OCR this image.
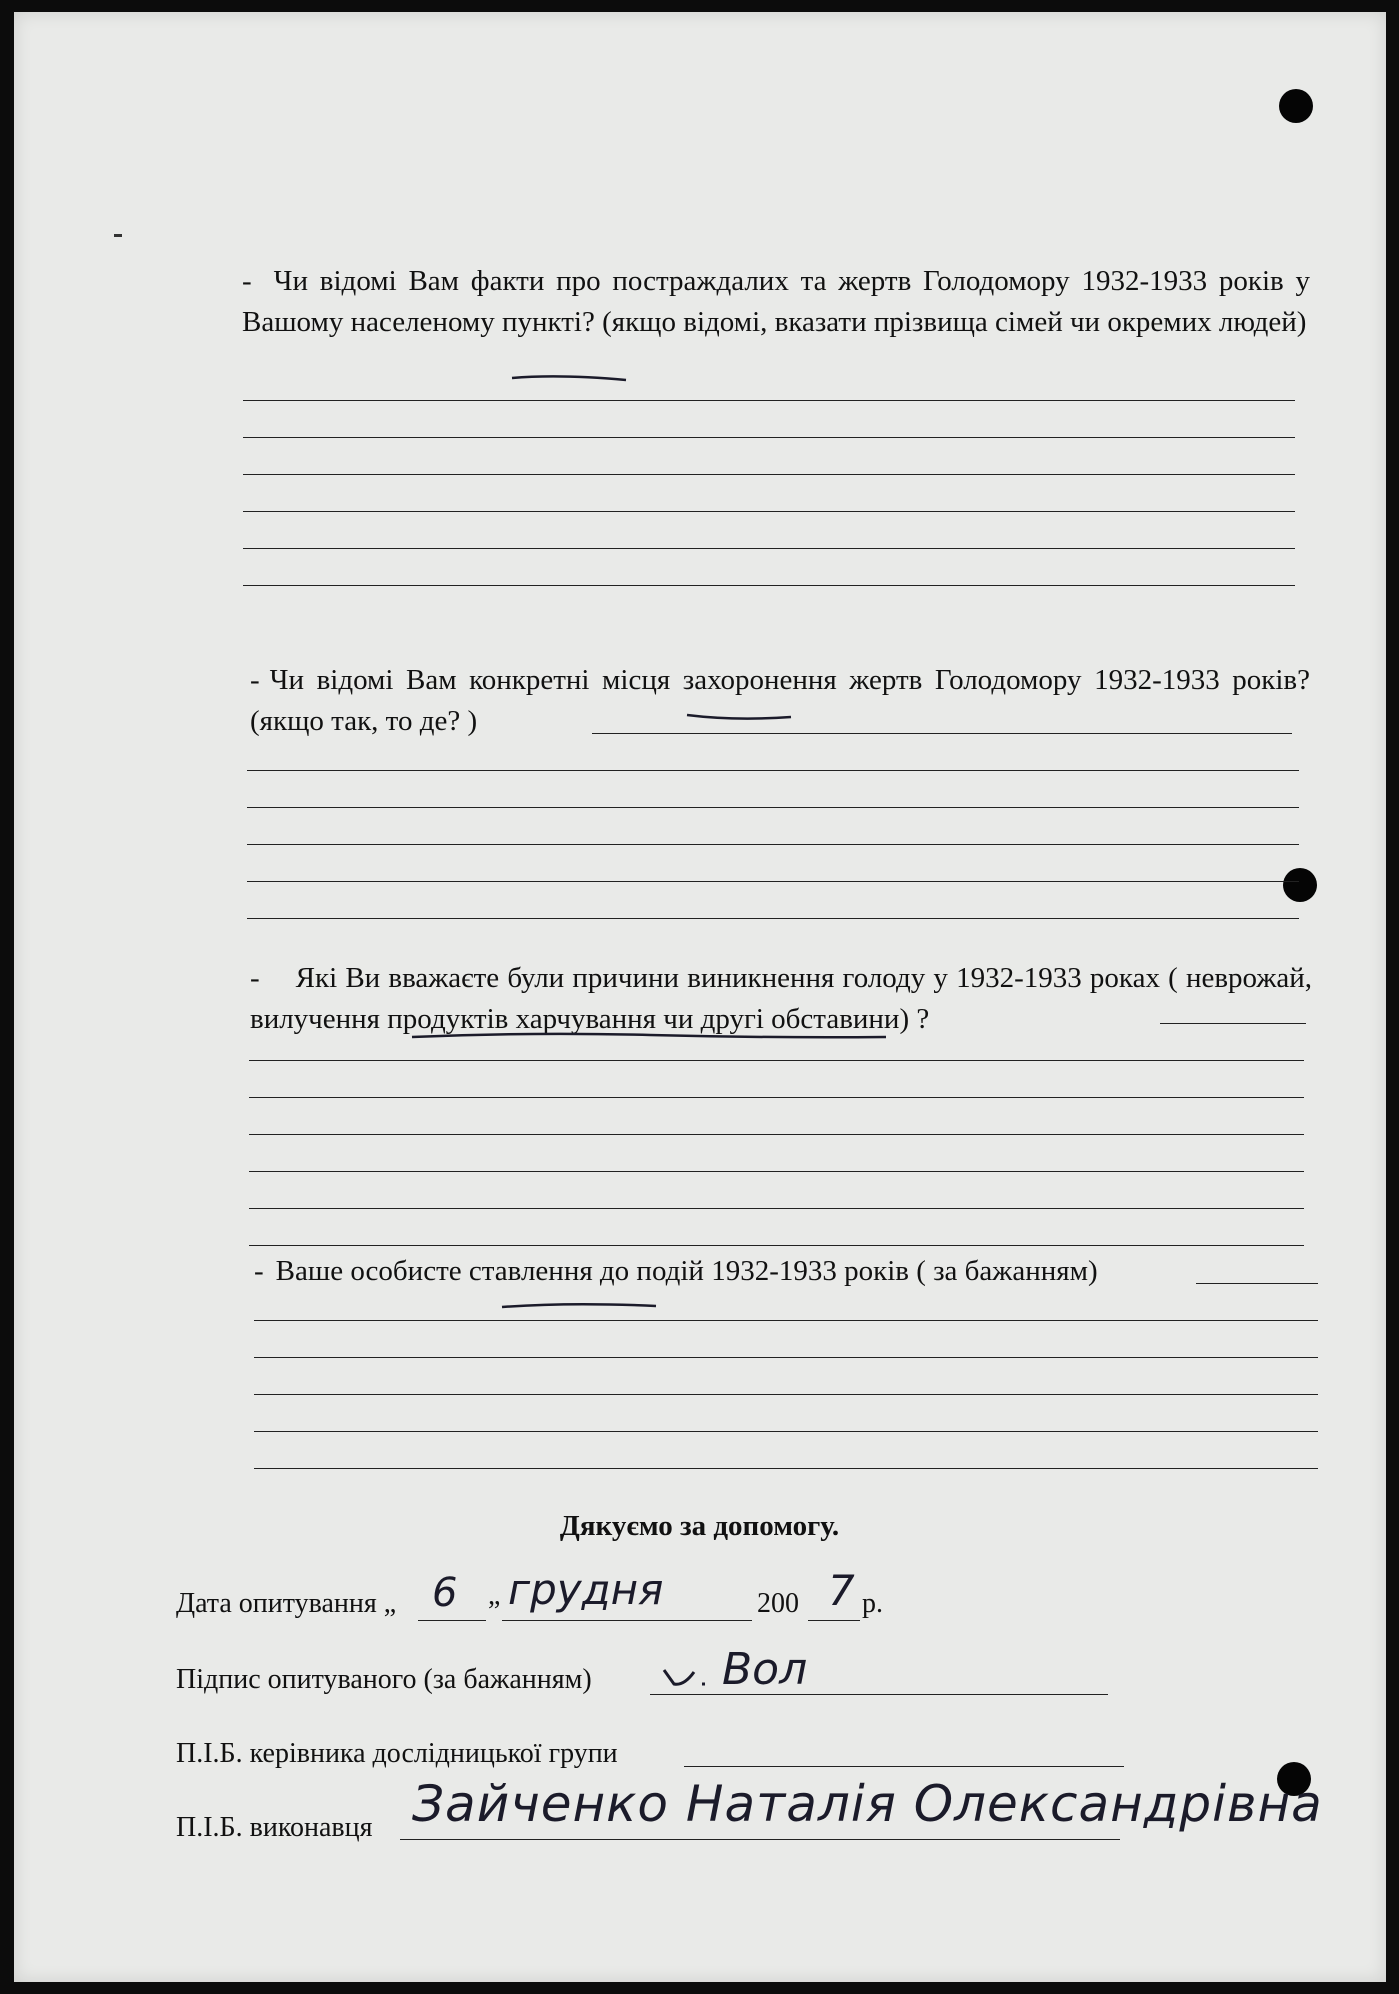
- Чи відомі Вам факти про постраждалих та жертв Голодомору 1932-1933 років у Вашому населеному пункті? (якщо відомі, вказати прізвища сімей чи окремих людей)
- Чи відомі Вам конкретні місця захоронення жертв Голодомору 1932-1933 років? (якщо так, то де? )
- Які Ви вважаєте були причини виникнення голоду у 1932-1933 роках ( неврожай, вилучення продуктів харчування чи другі обставини) ?
- Ваше особисте ставлення до подій 1932-1933 років ( за бажанням)
Дякуємо за допомогу.
Дата опитування „ 6 „ грудня	200 7 р.
Підпис опитуваного (за бажанням)	Вол
П.І.Б. керівника дослідницької групи
П.І.Б. виконавця Зайченко Наталія Олександрівна
